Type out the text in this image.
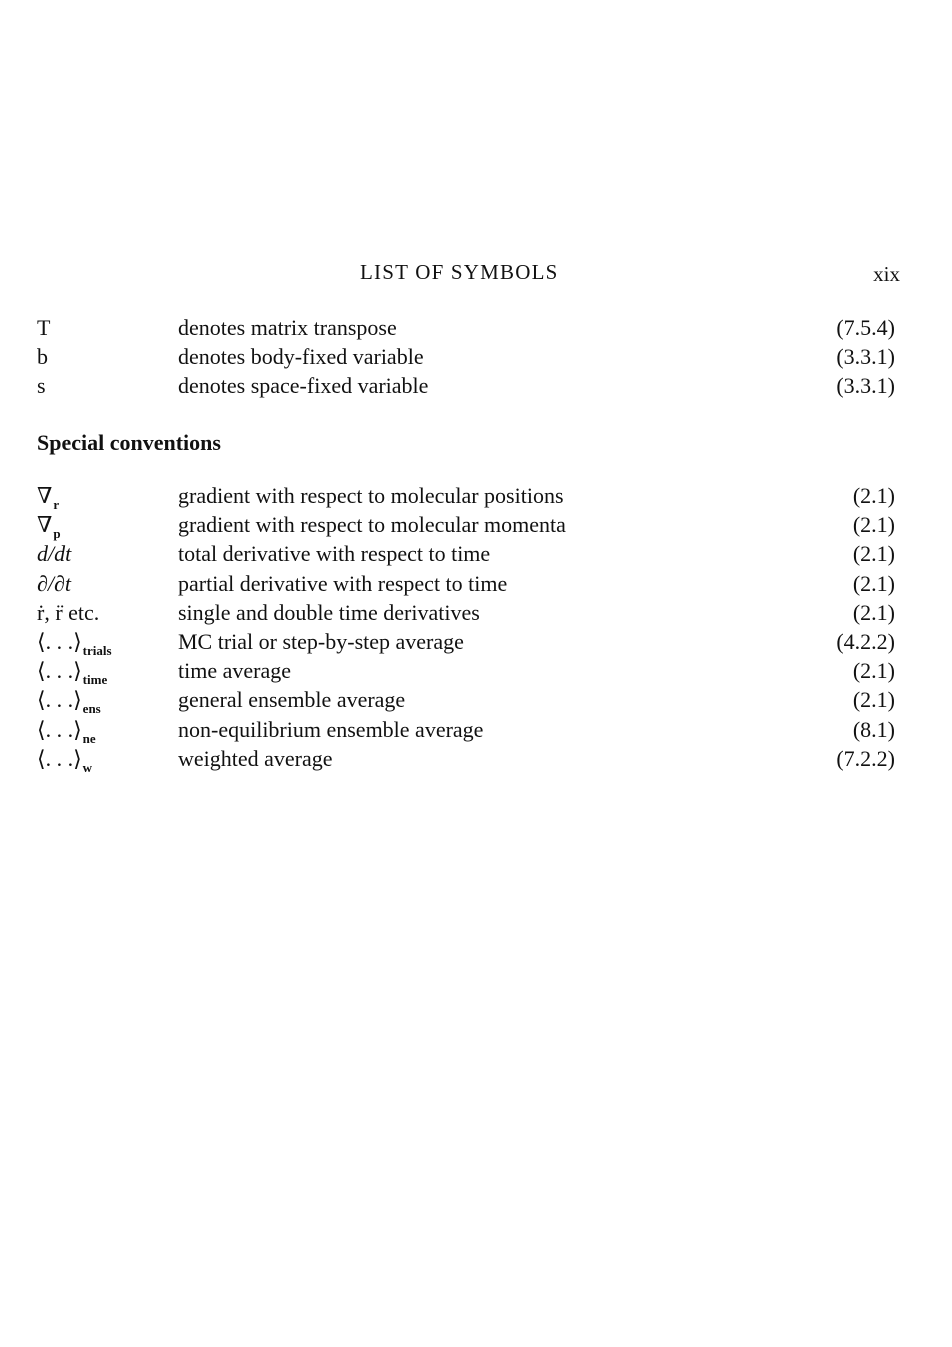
LIST OF SYMBOLS	xix
T	denotes matrix transpose	(7.5.4)
b	denotes body-fixed variable	(3.3.1)
s	denotes space-fixed variable	(3.3.1)
Special conventions
$\nabla_r$	gradient with respect to molecular positions	(2.1)
$\nabla_p$	gradient with respect to molecular momenta	(2.1)
d/dt	total derivative with respect to time	(2.1)
∂/∂t	partial derivative with respect to time	(2.1)
ṙ, r̈ etc.	single and double time derivatives	(2.1)
⟨. . $.⟩_{trials}$	MC trial or step-by-step average	(4.2.2)
⟨. . $.⟩_{time}$	time average	(2.1)
⟨. . $.⟩_{ens}$	general ensemble average	(2.1)
⟨. . $.⟩_{ne}$	non-equilibrium ensemble average	(8.1)
⟨. . $.⟩_w$	weighted average	(7.2.2)
